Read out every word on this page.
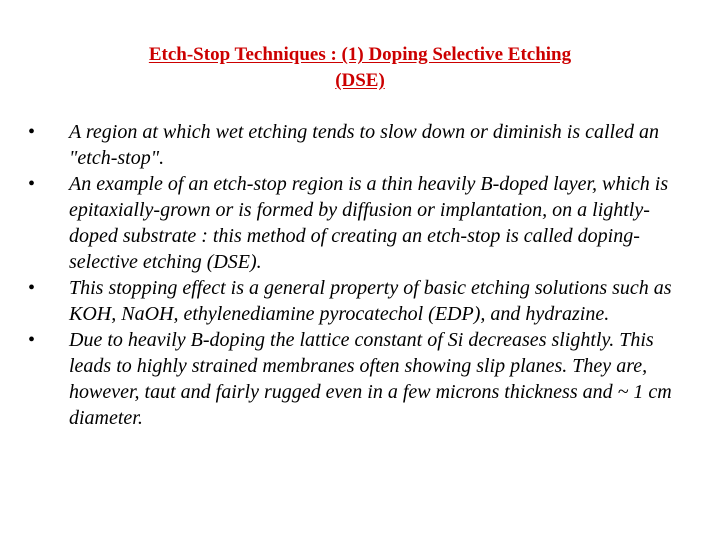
Etch-Stop Techniques : (1) Doping Selective Etching
(DSE)
• A region at which wet etching tends to slow down or diminish is called an "etch-stop".
• An example of an etch-stop region is a thin heavily B-doped layer, which is epitaxially-grown or is formed by diffusion or implantation, on a lightly-doped substrate : this method of creating an etch-stop is called doping-selective etching (DSE).
• This stopping effect is a general property of basic etching solutions such as KOH, NaOH, ethylenediamine pyrocatechol (EDP), and hydrazine.
• Due to heavily B-doping the lattice constant of Si decreases slightly. This leads to highly strained membranes often showing slip planes. They are, however, taut and fairly rugged even in a few microns thickness and ~ 1 cm diameter.
